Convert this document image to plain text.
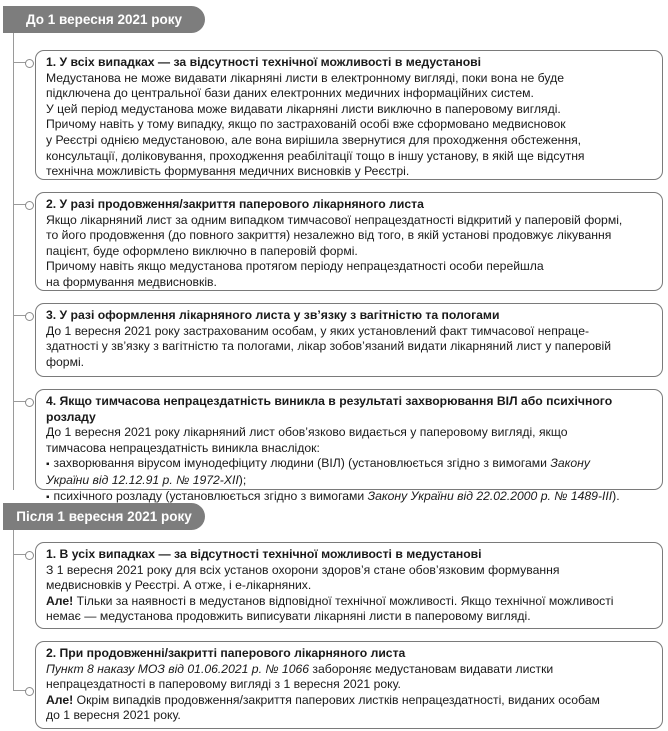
До 1 вересня 2021 року

1. У всіх випадках — за відсутності технічної можливості в медустанові

Медустанова не може видавати лікарняні листи в електронному вигляді, поки вона не буде

підключена до центральної бази даних електронних медичних інформаційних систем.

У цей період медустанова може видавати лікарняні листи виключно в паперовому вигляді.

Причому навіть у тому випадку, якщо по застрахованій особі вже сформовано медвисновок

у Реєстрі однією медустановою, але вона вирішила звернутися для проходження обстеження,

консультації, доліковування, проходження реабілітації тощо в іншу установу, в якій ще відсутня

технічна можливість формування медичних висновків у Реєстрі.

2. У разі продовження/закриття паперового лікарняного листа

Якщо лікарняний лист за одним випадком тимчасової непрацездатності відкритий у паперовій формі,

то його продовження (до повного закриття) незалежно від того, в якій установі продовжує лікування

пацієнт, буде оформлено виключно в паперовій формі.

Причому навіть якщо медустанова протягом періоду непрацездатності особи перейшла

на формування медвисновків.

3. У разі оформлення лікарняного листа у зв’язку з вагітністю та пологами

До 1 вересня 2021 року застрахованим особам, у яких установлений факт тимчасової непраце-

здатності у зв’язку з вагітністю та пологами, лікар зобов’язаний видати лікарняний лист у паперовій

формі.

4. Якщо тимчасова непрацездатність виникла в результаті захворювання ВІЛ або психічного розладу

До 1 вересня 2021 року лікарняний лист обов’язково видається у паперовому вигляді, якщо

тимчасова непрацездатність виникла внаслідок:

▪ захворювання вірусом імунодефіциту людини (ВІЛ) (установлюється згідно з вимогами Закону

України від 12.12.91 р. № 1972-XII);

▪ психічного розладу (установлюється згідно з вимогами Закону України від 22.02.2000 р. № 1489-III).

Після 1 вересня 2021 року

1. В усіх випадках — за відсутності технічної можливості в медустанові

З 1 вересня 2021 року для всіх установ охорони здоров’я стане обов’язковим формування

медвисновків у Реєстрі. А отже, і е-лікарняних.

Але! Тільки за наявності в медустанов відповідної технічної можливості. Якщо технічної можливості

немає — медустанова продовжить виписувати лікарняні листи в паперовому вигляді.

2. При продовженні/закритті паперового лікарняного листа

Пункт 8 наказу МОЗ від 01.06.2021 р. № 1066 забороняє медустановам видавати листки

непрацездатності в паперовому вигляді з 1 вересня 2021 року.

Але! Окрім випадків продовження/закриття паперових листків непрацездатності, виданих особам

до 1 вересня 2021 року.
